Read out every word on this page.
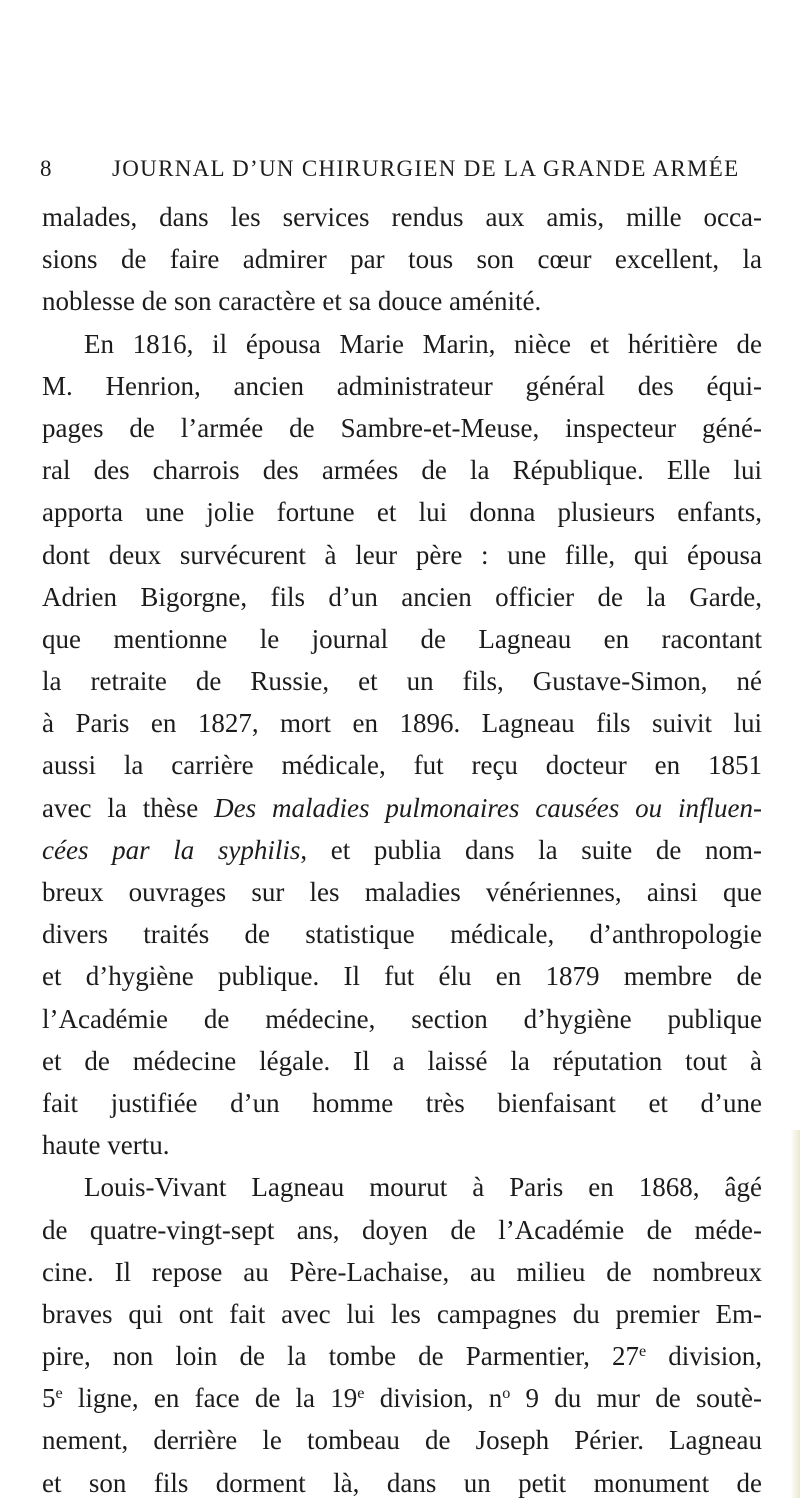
8	JOURNAL D’UN CHIRURGIEN DE LA GRANDE ARMÉE
malades, dans les services rendus aux amis, mille occa-
sions de faire admirer par tous son cœur excellent, la
noblesse de son caractère et sa douce aménité.
En 1816, il épousa Marie Marin, nièce et héritière de
M. Henrion, ancien administrateur général des équi-
pages de l’armée de Sambre-et-Meuse, inspecteur géné-
ral des charrois des armées de la République. Elle lui
apporta une jolie fortune et lui donna plusieurs enfants,
dont deux survécurent à leur père : une fille, qui épousa
Adrien Bigorgne, fils d’un ancien officier de la Garde,
que mentionne le journal de Lagneau en racontant
la retraite de Russie, et un fils, Gustave-Simon, né
à Paris en 1827, mort en 1896. Lagneau fils suivit lui
aussi la carrière médicale, fut reçu docteur en 1851
avec la thèse Des maladies pulmonaires causées ou influen-
cées par la syphilis, et publia dans la suite de nom-
breux ouvrages sur les maladies vénériennes, ainsi que
divers traités de statistique médicale, d’anthropologie
et d’hygiène publique. Il fut élu en 1879 membre de
l’Académie de médecine, section d’hygiène publique
et de médecine légale. Il a laissé la réputation tout à
fait justifiée d’un homme très bienfaisant et d’une
haute vertu.
Louis-Vivant Lagneau mourut à Paris en 1868, âgé
de quatre-vingt-sept ans, doyen de l’Académie de méde-
cine. Il repose au Père-Lachaise, au milieu de nombreux
braves qui ont fait avec lui les campagnes du premier Em-
pire, non loin de la tombe de Parmentier, 27e division,
5e ligne, en face de la 19e division, $n^o$ 9 du mur de soutè-
nement, derrière le tombeau de Joseph Périer. Lagneau
et son fils dorment là, dans un petit monument de
